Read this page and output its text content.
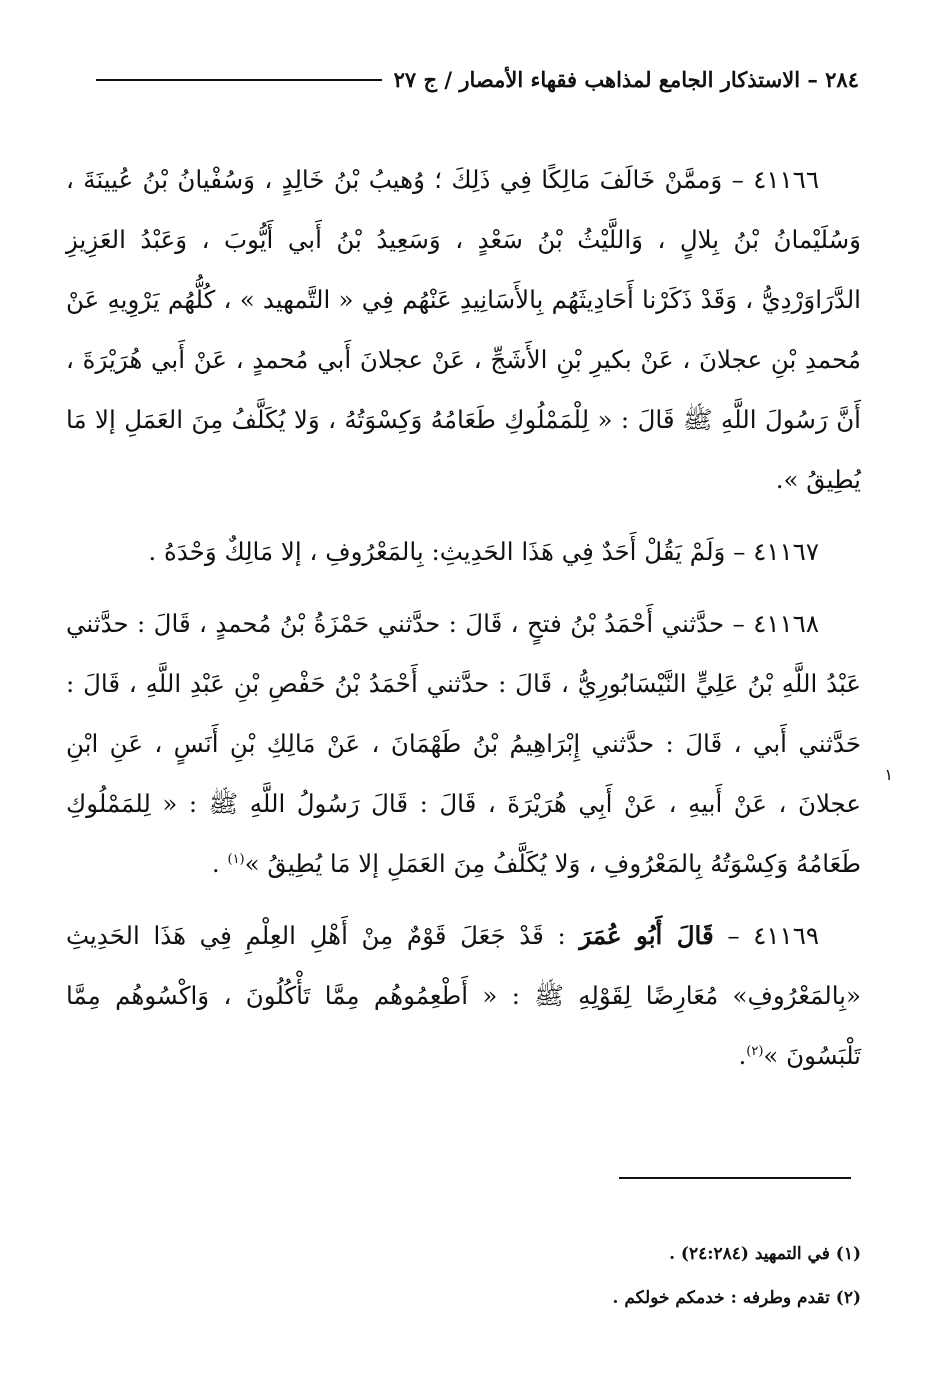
٢٨٤ – الاستذكار الجامع لمذاهب فقهاء الأمصار / ج ٢٧

٤١١٦٦ – وَممَّنْ خَالَفَ مَالِكًا فِي ذَلِكَ ؛ وُهيبُ بْنُ خَالِدٍ ، وَسُفْيانُ بْنُ عُيينَةَ ، وَسُلَيْمانُ بْنُ بِلالٍ ، وَاللَّيْثُ بْنُ سَعْدٍ ، وَسَعِيدُ بْنُ أَبي أَيُّوبَ ، وَعَبْدُ العَزِيزِ الدَّرَاوَرْدِيُّ ، وَقَدْ ذَكَرْنا أَحَادِيثَهُم بِالأَسَانِيدِ عَنْهُم فِي « التَّمهيد » ، كُلُّهُم يَرْوِيهِ عَنْ مُحمدِ بْنِ عجلانَ ، عَنْ بكيرِ بْنِ الأَشَجِّ ، عَنْ عجلانَ أَبي مُحمدٍ ، عَنْ أَبي هُرَيْرَةَ ، أَنَّ رَسُولَ اللَّهِ ﷺ قَالَ : « لِلْمَمْلُوكِ طَعَامُهُ وَكِسْوَتُهُ ، وَلا يُكَلَّفُ مِنَ العَمَلِ إلا مَا يُطِيقُ ».

٤١١٦٧ – وَلَمْ يَقُلْ أَحَدٌ فِي هَذَا الحَدِيثِ: بِالمَعْرُوفِ ، إلا مَالِكٌ وَحْدَهُ .

٤١١٦٨ – حدَّثني أَحْمَدُ بْنُ فتحٍ ، قَالَ : حدَّثني حَمْزَةُ بْنُ مُحمدٍ ، قَالَ : حدَّثني عَبْدُ اللَّهِ بْنُ عَلِيٍّ النَّيْسَابُورِيُّ ، قَالَ : حدَّثني أَحْمَدُ بْنُ حَفْصِ بْنِ عَبْدِ اللَّهِ ، قَالَ : حَدَّثني أَبي ، قَالَ : حدَّثني إِبْرَاهِيمُ بْنُ طَهْمَانَ ، عَنْ مَالِكِ بْنِ أَنَسٍ ، عَنِ ابْنِ عجلانَ ، عَنْ أَبيهِ ، عَنْ أَبِي هُرَيْرَةَ ، قَالَ : قَالَ رَسُولُ اللَّهِ ﷺ : « لِلمَمْلُوكِ طَعَامُهُ وَكِسْوَتُهُ بِالمَعْرُوفِ ، وَلا يُكَلَّفُ مِنَ العَمَلِ إلا مَا يُطِيقُ »$^{(١)}$ .

٤١١٦٩ – قَالَ أَبُو عُمَرَ : قَدْ جَعَلَ قَوْمٌ مِنْ أَهْلِ العِلْمِ فِي هَذَا الحَدِيثِ «بِالمَعْرُوفِ» مُعَارِضًا لِقَوْلِهِ ﷺ : « أَطْعِمُوهُم مِمَّا تَأْكُلُونَ ، وَاكْسُوهُم مِمَّا تَلْبَسُونَ »$^{(٢)}$.

١

(١) في التمهيد (٢٤:٢٨٤) .

(٢) تقدم وطرفه : خدمكم خولكم .
